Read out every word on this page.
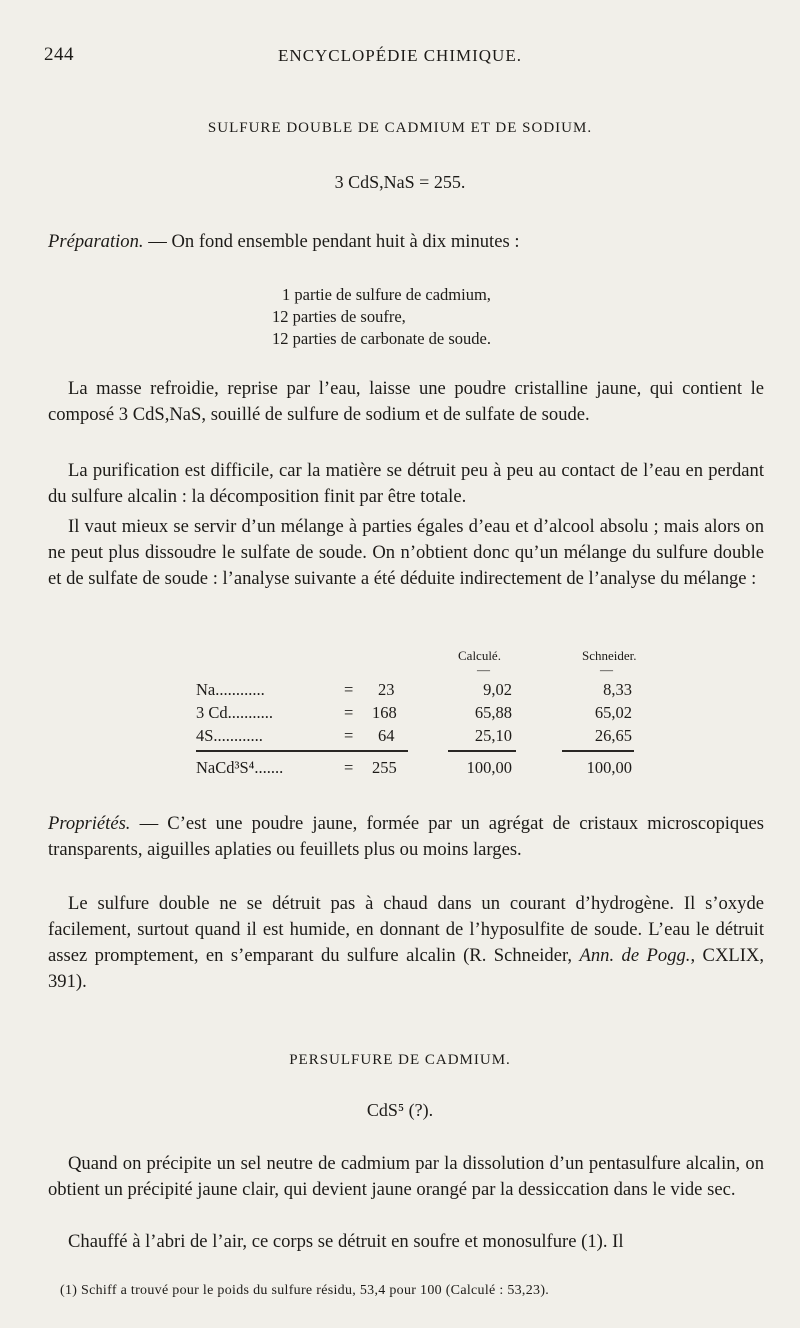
ENCYCLOPÉDIE CHIMIQUE.
244
SULFURE DOUBLE DE CADMIUM ET DE SODIUM.
3 CdS,NaS = 255.
Préparation. — On fond ensemble pendant huit à dix minutes :
1 partie de sulfure de cadmium,
12 parties de soufre,
12 parties de carbonate de soude.
La masse refroidie, reprise par l’eau, laisse une poudre cristalline jaune, qui contient le composé 3 CdS,NaS, souillé de sulfure de sodium et de sulfate de soude.
La purification est difficile, car la matière se détruit peu à peu au contact de l’eau en perdant du sulfure alcalin : la décomposition finit par être totale.
Il vaut mieux se servir d’un mélange à parties égales d’eau et d’alcool absolu ; mais alors on ne peut plus dissoudre le sulfate de soude. On n’obtient donc qu’un mélange du sulfure double et de sulfate de soude : l’analyse suivante a été déduite indirectement de l’analyse du mélange :
Calculé.	Schneider.
—	—
Na............	= 23	9,02	8,33
3 Cd...........	= 168	65,88	65,02
4S............	= 64	25,10	26,65
NaCd³S⁴.......	= 255	100,00	100,00
Propriétés. — C’est une poudre jaune, formée par un agrégat de cristaux microscopiques transparents, aiguilles aplaties ou feuillets plus ou moins larges.
Le sulfure double ne se détruit pas à chaud dans un courant d’hydrogène. Il s’oxyde facilement, surtout quand il est humide, en donnant de l’hyposulfite de soude. L’eau le détruit assez promptement, en s’emparant du sulfure alcalin (R. Schneider, Ann. de Pogg., CXLIX, 391).
PERSULFURE DE CADMIUM.
CdS⁵ (?).
Quand on précipite un sel neutre de cadmium par la dissolution d’un pentasulfure alcalin, on obtient un précipité jaune clair, qui devient jaune orangé par la dessiccation dans le vide sec.
Chauffé à l’abri de l’air, ce corps se détruit en soufre et monosulfure (1). Il
(1) Schiff a trouvé pour le poids du sulfure résidu, 53,4 pour 100 (Calculé : 53,23).
